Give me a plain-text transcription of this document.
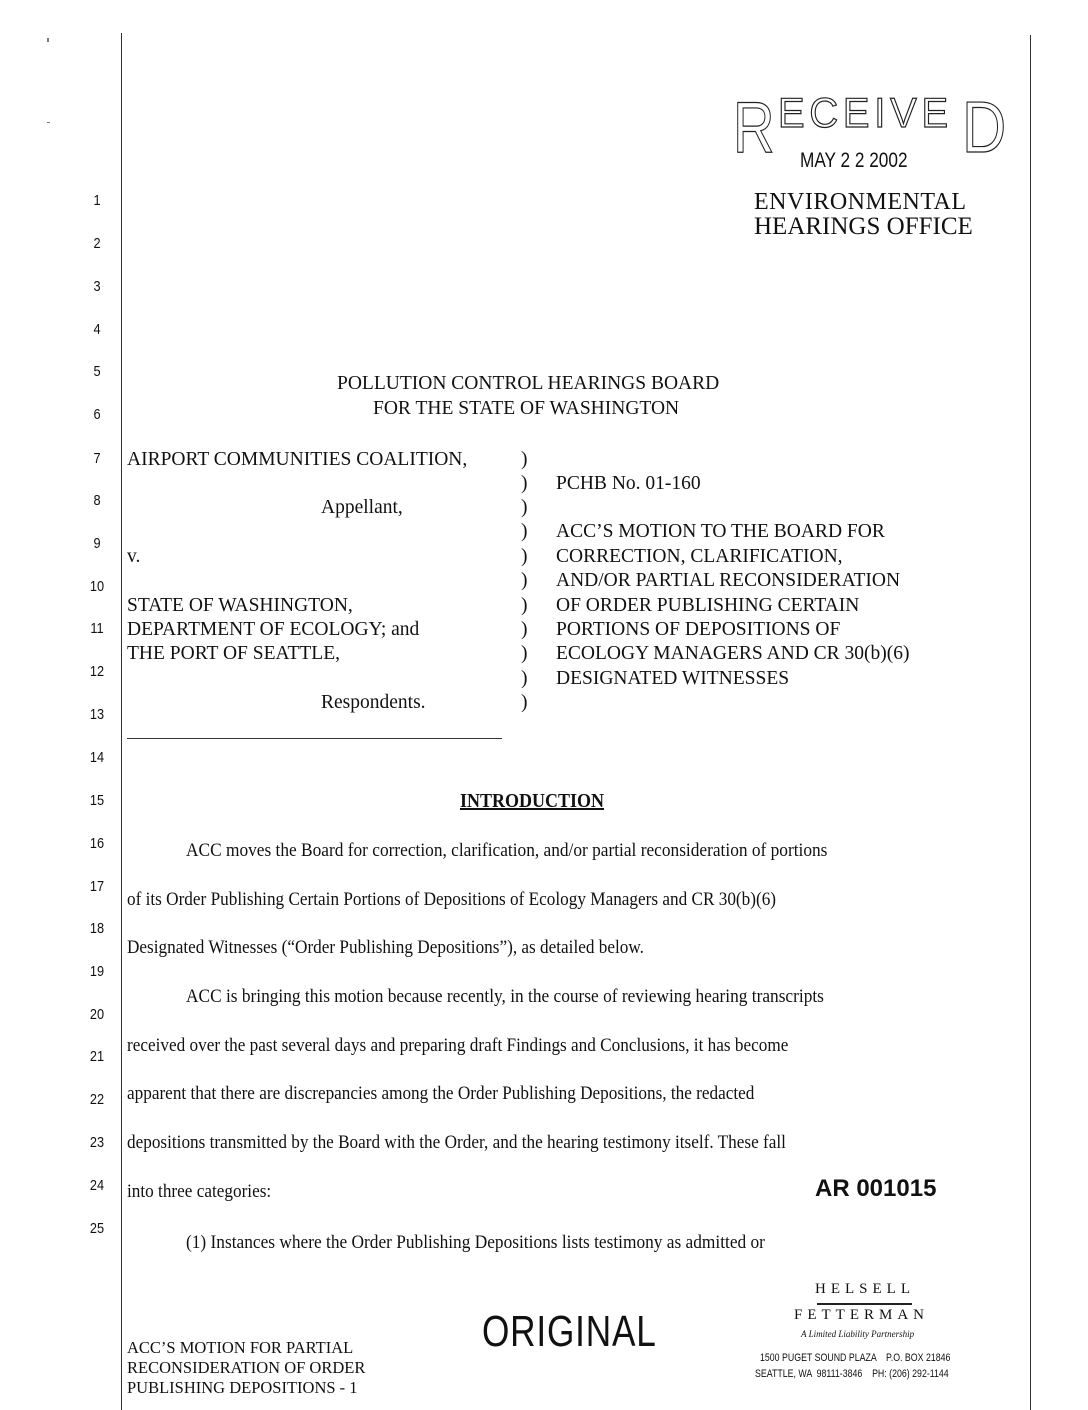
1
2
3
4
5
6
7
8
9
10
11
12
13
14
15
16
17
18
19
20
21
22
23
24
25
R ECEIVE D
MAY 2 2 2002
ENVIRONMENTAL
HEARINGS OFFICE
POLLUTION CONTROL HEARINGS BOARD
FOR THE STATE OF WASHINGTON
AIRPORT COMMUNITIES COALITION,
Appellant,
v.
STATE OF WASHINGTON,
DEPARTMENT OF ECOLOGY; and
THE PORT OF SEATTLE,
Respondents.
)
)
)
)
)
)
)
)
)
)
)
PCHB No. 01-160
ACC’S MOTION TO THE BOARD FOR
CORRECTION, CLARIFICATION,
AND/OR PARTIAL RECONSIDERATION
OF ORDER PUBLISHING CERTAIN
PORTIONS OF DEPOSITIONS OF
ECOLOGY MANAGERS AND CR 30(b)(6)
DESIGNATED WITNESSES
INTRODUCTION
ACC moves the Board for correction, clarification, and/or partial reconsideration of portions
of its Order Publishing Certain Portions of Depositions of Ecology Managers and CR 30(b)(6)
Designated Witnesses (“Order Publishing Depositions”), as detailed below.
ACC is bringing this motion because recently, in the course of reviewing hearing transcripts
received over the past several days and preparing draft Findings and Conclusions, it has become
apparent that there are discrepancies among the Order Publishing Depositions, the redacted
depositions transmitted by the Board with the Order, and the hearing testimony itself. These fall
into three categories:
(1) Instances where the Order Publishing Depositions lists testimony as admitted or
AR 001015
ACC’S MOTION FOR PARTIAL
RECONSIDERATION OF ORDER
PUBLISHING DEPOSITIONS - 1
ORIGINAL
HELSELL
FETTERMAN
A Limited Liability Partnership
1500 PUGET SOUND PLAZA    P.O. BOX 21846
SEATTLE, WA  98111-3846    PH: (206) 292-1144
